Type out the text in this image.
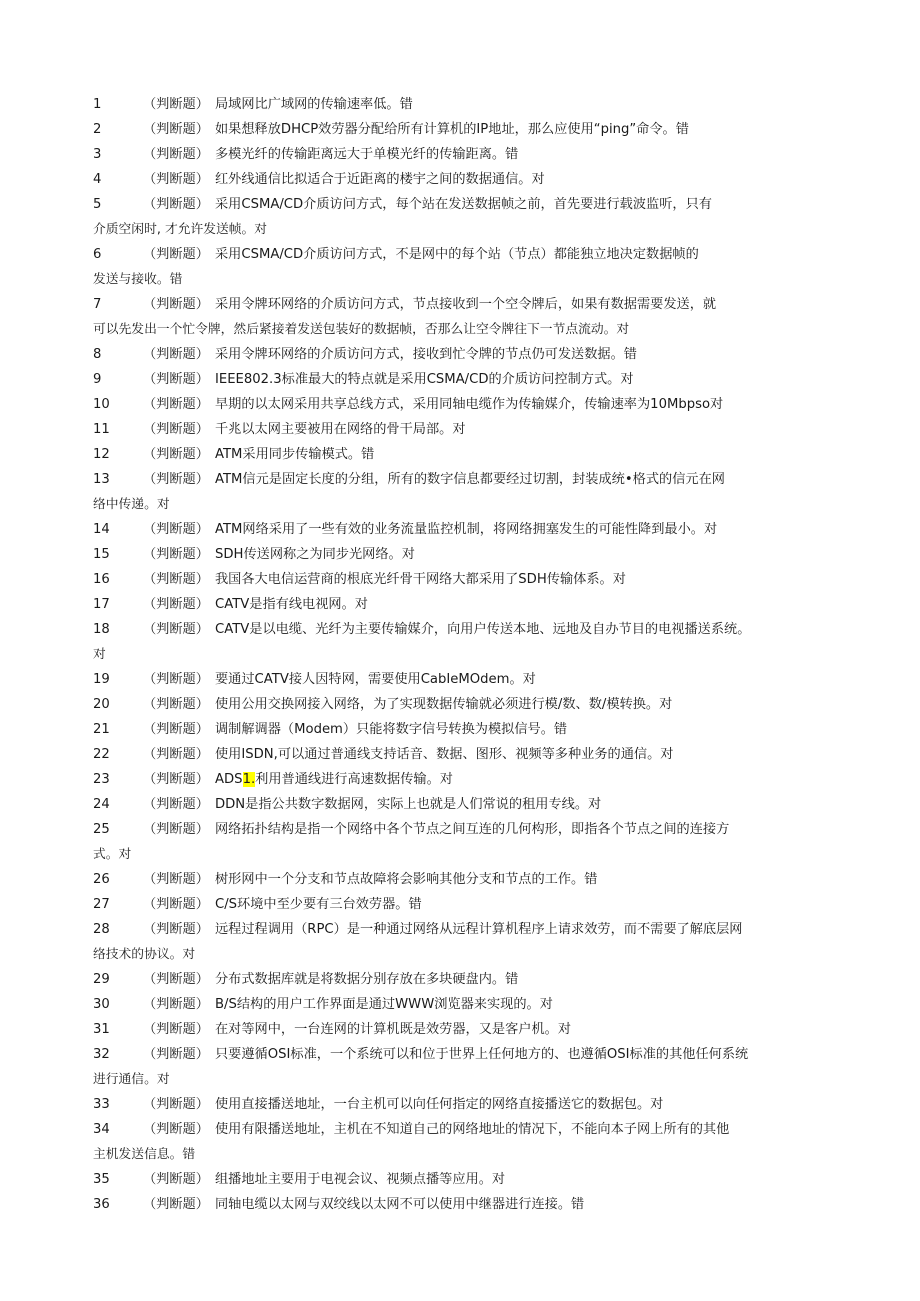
1	（判断题） 局域网比广域网的传输速率低。错
2	（判断题） 如果想释放DHCP效劳器分配给所有计算机的IP地址，那么应使用“ping”命令。错
3	（判断题） 多模光纤的传输距离远大于单模光纤的传输距离。错
4	（判断题） 红外线通信比拟适合于近距离的楼宇之间的数据通信。对
5	（判断题） 采用CSMA/CD介质访问方式，每个站在发送数据帧之前，首先要进行载波监听，只有
介质空闲时, 才允许发送帧。对
6	（判断题） 采用CSMA/CD介质访问方式，不是网中的每个站（节点）都能独立地决定数据帧的
发送与接收。错
7	（判断题） 采用令牌环网络的介质访问方式，节点接收到一个空令牌后，如果有数据需要发送，就
可以先发出一个忙令牌，然后紧接着发送包装好的数据帧，否那么让空令牌往下一节点流动。对
8	（判断题） 采用令牌环网络的介质访问方式，接收到忙令牌的节点仍可发送数据。错
9	（判断题） IEEE802.3标准最大的特点就是采用CSMA/CD的介质访问控制方式。对
10	（判断题） 早期的以太网采用共享总线方式，采用同轴电缆作为传输媒介，传输速率为10Mbpso对
11	（判断题） 千兆以太网主要被用在网络的骨干局部。对
12	（判断题） ATM采用同步传输模式。错
13	（判断题） ATM信元是固定长度的分组，所有的数字信息都要经过切割，封装成统•格式的信元在网
络中传递。对
14	（判断题） ATM网络采用了一些有效的业务流量监控机制，将网络拥塞发生的可能性降到最小。对
15	（判断题） SDH传送网称之为同步光网络。对
16	（判断题） 我国各大电信运营商的根底光纤骨干网络大都采用了SDH传输体系。对
17	（判断题） CATV是指有线电视网。对
18	（判断题） CATV是以电缆、光纤为主要传输媒介，向用户传送本地、远地及自办节目的电视播送系统。
对
19	（判断题） 要通过CATV接人因特网，需要使用CabIeMOdem。对
20	（判断题） 使用公用交换网接入网络，为了实现数据传输就必须进行模/数、数/模转换。对
21	（判断题） 调制解调器（Modem）只能将数字信号转换为模拟信号。错
22	（判断题） 使用ISDN,可以通过普通线支持话音、数据、图形、视频等多种业务的通信。对
23	（判断题） ADS1.利用普通线进行高速数据传输。对
24	（判断题） DDN是指公共数字数据网，实际上也就是人们常说的租用专线。对
25	（判断题） 网络拓扑结构是指一个网络中各个节点之间互连的几何构形，即指各个节点之间的连接方
式。对
26	（判断题） 树形网中一个分支和节点故障将会影响其他分支和节点的工作。错
27	（判断题） C/S环境中至少要有三台效劳器。错
28	（判断题） 远程过程调用（RPC）是一种通过网络从远程计算机程序上请求效劳，而不需要了解底层网
络技术的协议。对
29	（判断题） 分布式数据库就是将数据分别存放在多块硬盘内。错
30	（判断题） B/S结构的用户工作界面是通过WWW浏览器来实现的。对
31	（判断题） 在对等网中，一台连网的计算机既是效劳器，又是客户机。对
32	（判断题） 只要遵循OSI标准，一个系统可以和位于世界上任何地方的、也遵循OSI标准的其他任何系统
进行通信。对
33	（判断题） 使用直接播送地址，一台主机可以向任何指定的网络直接播送它的数据包。对
34	（判断题） 使用有限播送地址，主机在不知道自己的网络地址的情况下，不能向本子网上所有的其他
主机发送信息。错
35	（判断题） 组播地址主要用于电视会议、视频点播等应用。对
36	（判断题） 同轴电缆以太网与双绞线以太网不可以使用中继器进行连接。错
